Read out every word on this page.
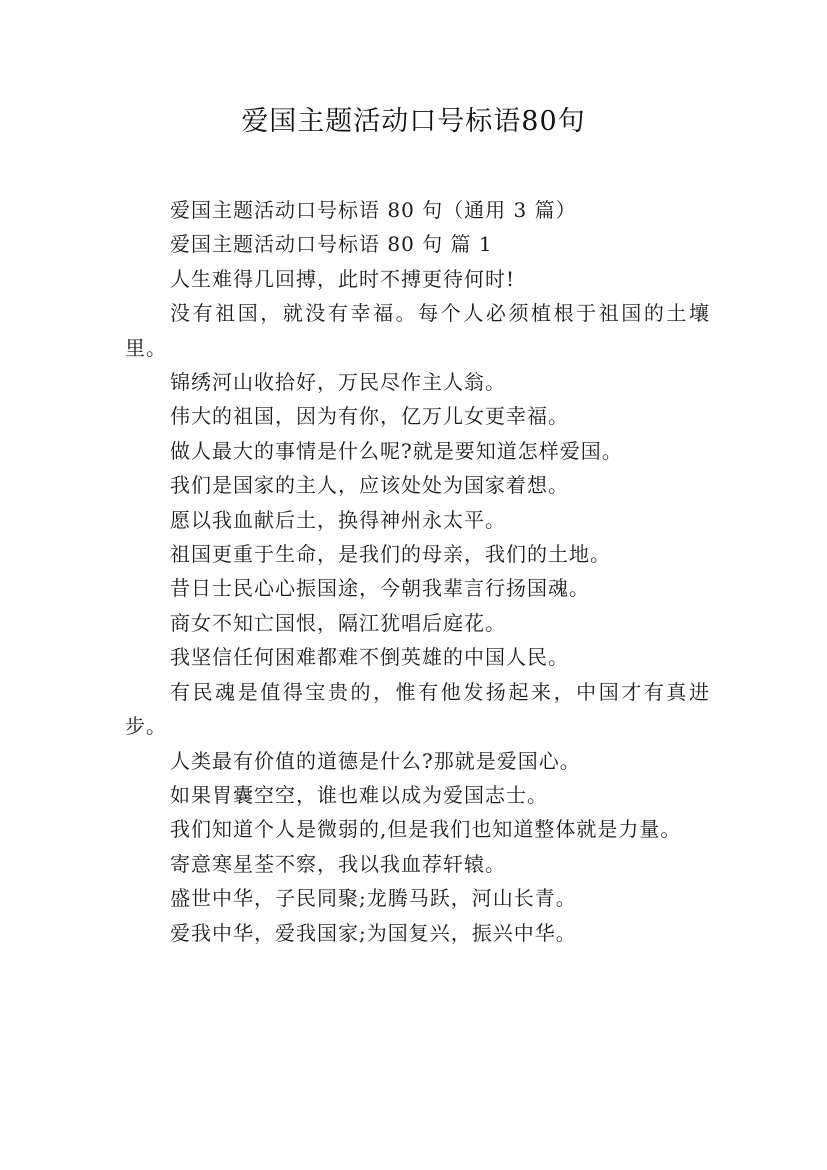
爱国主题活动口号标语80句

爱国主题活动口号标语 80 句（通用 3 篇）

爱国主题活动口号标语 80 句 篇 1

人生难得几回搏，此时不搏更待何时!

没有祖国，就没有幸福。每个人必须植根于祖国的土壤里。

锦绣河山收拾好，万民尽作主人翁。

伟大的祖国，因为有你，亿万儿女更幸福。

做人最大的事情是什么呢?就是要知道怎样爱国。

我们是国家的主人，应该处处为国家着想。

愿以我血献后土，换得神州永太平。

祖国更重于生命，是我们的母亲，我们的土地。

昔日士民心心振国途，今朝我辈言行扬国魂。

商女不知亡国恨，隔江犹唱后庭花。

我坚信任何困难都难不倒英雄的中国人民。

有民魂是值得宝贵的，惟有他发扬起来，中国才有真进步。

人类最有价值的道德是什么?那就是爱国心。

如果胃囊空空，谁也难以成为爱国志士。

我们知道个人是微弱的,但是我们也知道整体就是力量。

寄意寒星荃不察，我以我血荐轩辕。

盛世中华，子民同聚;龙腾马跃，河山长青。

爱我中华，爱我国家;为国复兴，振兴中华。
